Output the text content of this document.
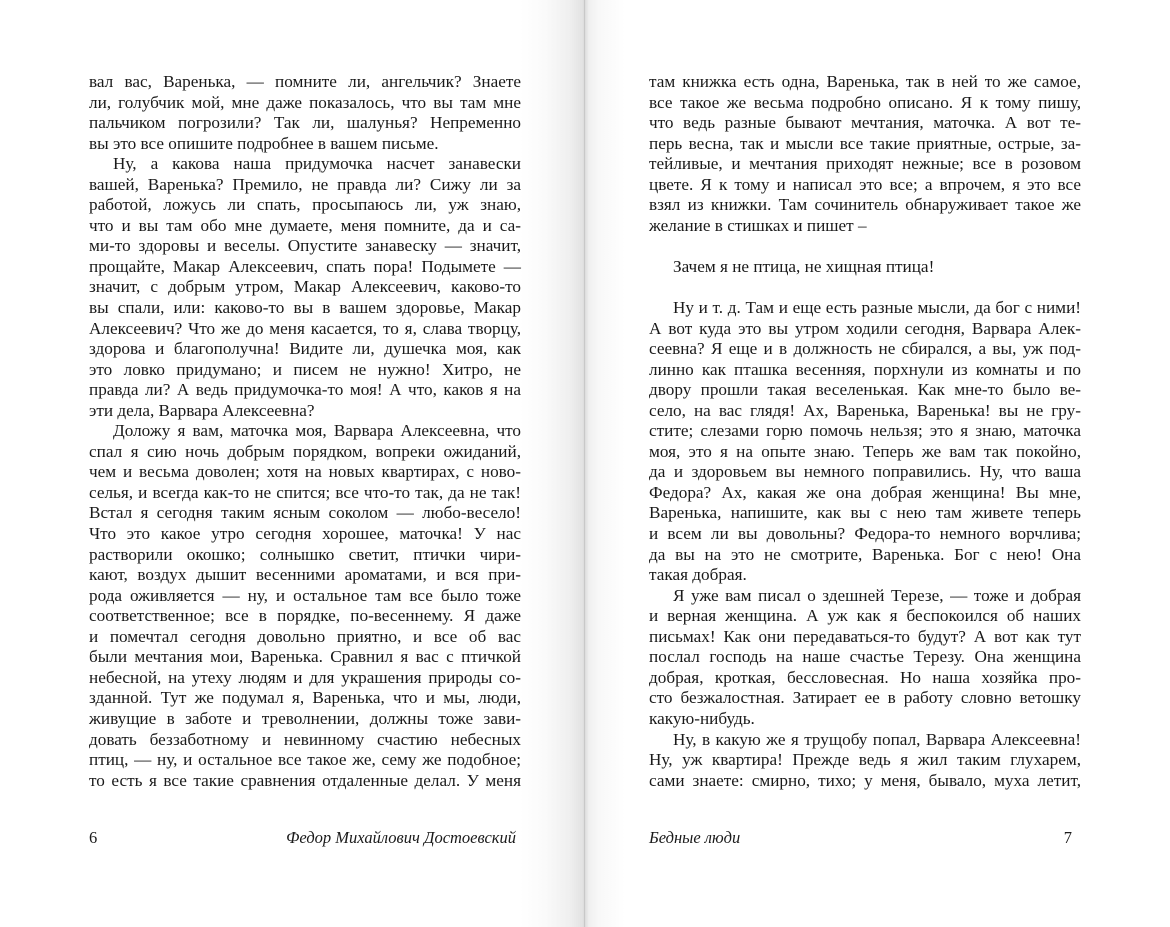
вал вас, Варенька, — помните ли, ангельчик? Знаете
ли, голубчик мой, мне даже показалось, что вы там мне
пальчиком погрозили? Так ли, шалунья? Непременно
вы это все опишите подробнее в вашем письме.
Ну, а какова наша придумочка насчет занавески
вашей, Варенька? Премило, не правда ли? Сижу ли за
работой, ложусь ли спать, просыпаюсь ли, уж знаю,
что и вы там обо мне думаете, меня помните, да и са-
ми-то здоровы и веселы. Опустите занавеску — значит,
прощайте, Макар Алексеевич, спать пора! Подымете —
значит, с добрым утром, Макар Алексеевич, каково-то
вы спали, или: каково-то вы в вашем здоровье, Макар
Алексеевич? Что же до меня касается, то я, слава творцу,
здорова и благополучна! Видите ли, душечка моя, как
это ловко придумано; и писем не нужно! Хитро, не
правда ли? А ведь придумочка-то моя! А что, каков я на
эти дела, Варвара Алексеевна?
Доложу я вам, маточка моя, Варвара Алексеевна, что
спал я сию ночь добрым порядком, вопреки ожиданий,
чем и весьма доволен; хотя на новых квартирах, с ново-
селья, и всегда как-то не спится; все что-то так, да не так!
Встал я сегодня таким ясным соколом — любо-весело!
Что это какое утро сегодня хорошее, маточка! У нас
растворили окошко; солнышко светит, птички чири-
кают, воздух дышит весенними ароматами, и вся при-
рода оживляется — ну, и остальное там все было тоже
соответственное; все в порядке, по-весеннему. Я даже
и помечтал сегодня довольно приятно, и все об вас
были мечтания мои, Варенька. Сравнил я вас с птичкой
небесной, на утеху людям и для украшения природы со-
зданной. Тут же подумал я, Варенька, что и мы, люди,
живущие в заботе и треволнении, должны тоже зави-
довать беззаботному и невинному счастию небесных
птиц, — ну, и остальное все такое же, сему же подобное;
то есть я все такие сравнения отдаленные делал. У меня
6	Федор Михайлович Достоевский
там книжка есть одна, Варенька, так в ней то же самое,
все такое же весьма подробно описано. Я к тому пишу,
что ведь разные бывают мечтания, маточка. А вот те-
перь весна, так и мысли все такие приятные, острые, за-
тейливые, и мечтания приходят нежные; все в розовом
цвете. Я к тому и написал это все; а впрочем, я это все
взял из книжки. Там сочинитель обнаруживает такое же
желание в стишках и пишет –
Зачем я не птица, не хищная птица!
Ну и т. д. Там и еще есть разные мысли, да бог с ними!
А вот куда это вы утром ходили сегодня, Варвара Алек-
сеевна? Я еще и в должность не сбирался, а вы, уж под-
линно как пташка весенняя, порхнули из комнаты и по
двору прошли такая веселенькая. Как мне-то было ве-
село, на вас глядя! Ах, Варенька, Варенька! вы не гру-
стите; слезами горю помочь нельзя; это я знаю, маточка
моя, это я на опыте знаю. Теперь же вам так покойно,
да и здоровьем вы немного поправились. Ну, что ваша
Федора? Ах, какая же она добрая женщина! Вы мне,
Варенька, напишите, как вы с нею там живете теперь
и всем ли вы довольны? Федора-то немного ворчлива;
да вы на это не смотрите, Варенька. Бог с нею! Она
такая добрая.
Я уже вам писал о здешней Терезе, — тоже и добрая
и верная женщина. А уж как я беспокоился об наших
письмах! Как они передаваться-то будут? А вот как тут
послал господь на наше счастье Терезу. Она женщина
добрая, кроткая, бессловесная. Но наша хозяйка про-
сто безжалостная. Затирает ее в работу словно ветошку
какую-нибудь.
Ну, в какую же я трущобу попал, Варвара Алексеевна!
Ну, уж квартира! Прежде ведь я жил таким глухарем,
сами знаете: смирно, тихо; у меня, бывало, муха летит,
Бедные люди	7
